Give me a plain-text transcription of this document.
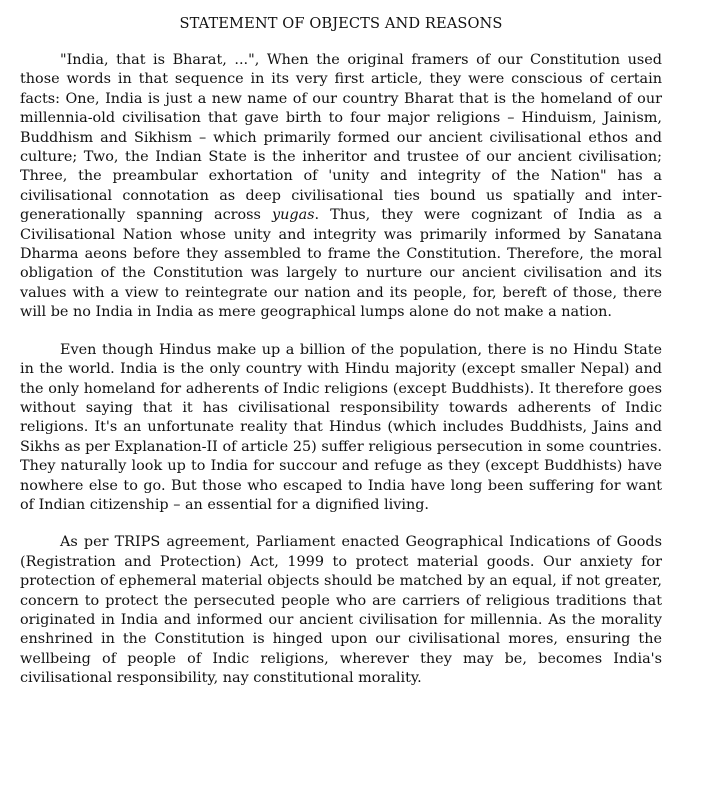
STATEMENT OF OBJECTS AND REASONS

"India, that is Bharat, ...", When the original framers of our Constitution used those words in that sequence in its very first article, they were conscious of certain facts: One, India is just a new name of our country Bharat that is the homeland of our millennia-old civilisation that gave birth to four major religions – Hinduism, Jainism, Buddhism and Sikhism – which primarily formed our ancient civilisational ethos and culture; Two, the Indian State is the inheritor and trustee of our ancient civilisation; Three, the preambular exhortation of 'unity and integrity of the Nation" has a civilisational connotation as deep civilisational ties bound us spatially and inter-generationally spanning across yugas. Thus, they were cognizant of India as a Civilisational Nation whose unity and integrity was primarily informed by Sanatana Dharma aeons before they assembled to frame the Constitution. Therefore, the moral obligation of the Constitution was largely to nurture our ancient civilisation and its values with a view to reintegrate our nation and its people, for, bereft of those, there will be no India in India as mere geographical lumps alone do not make a nation.

Even though Hindus make up a billion of the population, there is no Hindu State in the world. India is the only country with Hindu majority (except smaller Nepal) and the only homeland for adherents of Indic religions (except Buddhists). It therefore goes without saying that it has civilisational responsibility towards adherents of Indic religions. It's an unfortunate reality that Hindus (which includes Buddhists, Jains and Sikhs as per Explanation-II of article 25) suffer religious persecution in some countries. They naturally look up to India for succour and refuge as they (except Buddhists) have nowhere else to go. But those who escaped to India have long been suffering for want of Indian citizenship – an essential for a dignified living.

As per TRIPS agreement, Parliament enacted Geographical Indications of Goods (Registration and Protection) Act, 1999 to protect material goods. Our anxiety for protection of ephemeral material objects should be matched by an equal, if not greater, concern to protect the persecuted people who are carriers of religious traditions that originated in India and informed our ancient civilisation for millennia. As the morality enshrined in the Constitution is hinged upon our civilisational mores, ensuring the wellbeing of people of Indic religions, wherever they may be, becomes India's civilisational responsibility, nay constitutional morality.
